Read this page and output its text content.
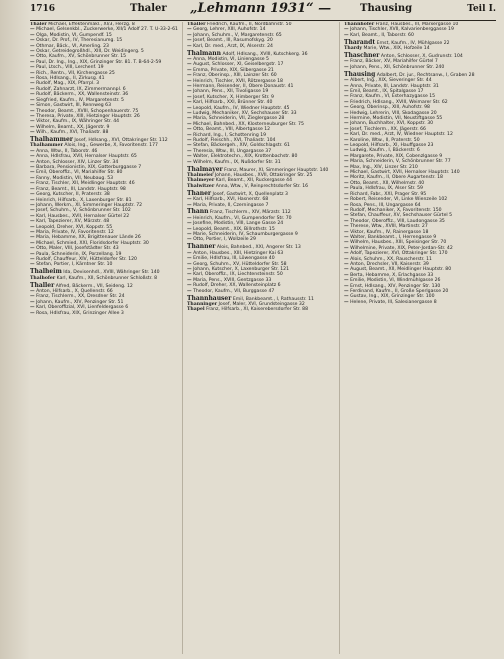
1716	Thaler „Lehmann 1931“ —	Thausing	Teil I.

Thaler Michael, Effektenmakl., XI/3, Herzg. 8

— Michael, Gelsenkbl., Zuckerwerke, XII/1 Adolf 27. T. U-33-2-61

— Olga, Modistin, VI, Gumpendf. 15

— Oskar, Dr. Prof., IV, Theresianumg. 15

— Othmar, Bäck., VI, Amerling. 23

— Oskar, Getreidegroßhdl., XIII, Dr. Weidingerg. 5

— Otto, Kaufm., XV, Schönbrunner Str. 15

— Paul, Dr. Ing., Ing., XIX, Grinzinger Str. 81. T. B-64-2-59

— Paul, Ltsch., VIII, Lerchenf. 19

— Rich., Rentn., VII, Kirchengasse 25

— Rosa, Hdlsang., II, Zirkusg. 41

— Rudolf, Mag., XIX, Pfarrpl. 3

— Rudolf, Zahnarzt, IX, Zimmermannpl. 6

— Rudolf, Bäckerm., XX, Wallensteinstr. 36

— Siegfried, Kaufm., IV, Margaretenstr. 5

— Simon, Gastwirt, III, Rennweg 63

— Theodor, Beamt., XVIII, Schopenhauerstr. 75

— Theresa, Private, XIII, Hietzinger Hauptstr. 26

— Viktor, Kaufm., IX, Währinger Str. 44

— Wilhelm, Beamt., XX, Jägerstr. 9

— Wilh., Kaufm., XVI, Thaliastr. 88

Thalhammer Josef, Hdlsang., XVI, Ottakringer Str. 112

Thalhammer Alois, Ing., Gewerbe, X, Favoritenstr. 177

— Anna, Wtw., II, Taborstr. 46

— Anna, Hdlsfrau, XVII, Hernalser Hauptstr. 65

— Anton, Schlosser, XIV, Linzer Str. 34

— Barbara, Pensionistin, XIX, Gatterburggasse 7

— Emil, Oberoffiz., VI, Mariahilfer Str. 80

— Fanny, Modistin, VII, Neubaug. 53

— Franz, Tischler, XII, Meidlinger Hauptstr. 46

— Franz, Beamt., III, Landstr. Hauptstr. 98

— Georg, Kutscher, II, Praterstr. 38

— Heinrich, Hilfsarb., X, Laxenburger Str. 81

— Johann, Werkm., XI, Simmeringer Hauptstr. 72

— Josef, Schuhm., V, Schönbrunner Str. 102

— Karl, Hausbes., XVII, Hernalser Gürtel 22

— Karl, Tapezierer, XV, Märzstr. 48

— Leopold, Dreher, XVI, Koppstr. 55

— Maria, Private, IV, Favoritenstr. 12

— Maria, Hebamme, XX, Brigittenauer Lände 26

— Michael, Schmied, XXI, Floridsdorfer Hauptstr. 30

— Otto, Maler, VIII, Josefstädter Str. 43

— Paula, Schneiderin, IX, Porzellang. 19

— Rudolf, Chauffeur, XIV, Hütteldorfer Str. 120

— Stefan, Portier, I, Kärntner Str. 10

Thalheim Ida, Devisenhdl., XVIII, Währinger Str. 140

Thalhofer Karl, Kaufm., XII, Schönbrunner Schloßstr. 8

Thaller Alfred, Bäckerm., VII, Seideng. 12

— Anton, Hilfsarb., X, Quellenstr. 66

— Franz, Tischlerm., XX, Dresdner Str. 24

— Johann, Kaufm., XIV, Penzinger Str. 51

— Karl, Oberoffizial, XVI, Lienfeldergasse 6

— Rosa, Hdlsfrau, XIX, Grinzinger Allee 3

Thaller Friedrich, Kaufm., II, Nordbahnstr. 50

— Georg, Lehrer, XIII, Auhofstr. 14

— Johann, Schuhm., V, Margaretenstr. 65

— Josef, Beamt., III, Rasumofskyg. 20

— Karl, Dr. med., Arzt, IX, Alserstr. 24

Thalmann Adolf, Hdlsang., XVIII, Kutschkerg. 36

— Anna, Modistin, VI, Liniengasse 5

— August, Schlosser, XI, Geiselbergstr. 17

— Emma, Private, XIX, Silbergasse 21

— Franz, Oberinsp., XIII, Lainzer Str. 60

— Heinrich, Tischler, XVII, Rötzergasse 18

— Hermann, Reisender, II, Obere Donaustr. 41

— Johann, Pens., XII, Tivoligasse 19

— Josef, Kutscher, X, Himberger Str. 9

— Karl, Hilfsarb., XXI, Brünner Str. 40

— Leopold, Kaufm., IV, Wiedner Hauptstr. 45

— Ludwig, Mechaniker, XV, Sechshauser Str. 33

— Maria, Schneiderin, VII, Zieglergasse 28

— Michael, Bahnbed., XX, Klosterneuburger Str. 75

— Otto, Beamt., VIII, Albertgasse 12

— Richard, Ing., I, Schottenring 19

— Rudolf, Fleischh., XVI, Thaliastr. 104

— Stefan, Bäckergeh., XIV, Goldschlagstr. 61

— Theresia, Wtw., III, Ungargasse 37

— Walter, Elektrotechn., XIX, Krottenbachstr. 80

— Wilhelm, Kaufm., IX, Nußdorfer Str. 31

Thalmayer Franz, Maurer, XI, Simmeringer Hauptstr. 140

Thalmeier Johann, Hausbes., XVII, Ottakringer Str. 25

Thalmeyer Karl, Beamt., XII, Ruckergasse 44

Thalwitzer Anna, Wtw., V, Reinprechtsdorfer Str. 16

Thaner Josef, Gastwirt, X, Quellenplatz 3

— Karl, Hilfsarb., XVI, Hasnerstr. 68

— Maria, Private, II, Czerningasse 7

Thann Franz, Tischlerm., XIV, Märzstr. 112

— Heinrich, Kaufm., VI, Gumpendorfer Str. 70

— Josefine, Modistin, VIII, Lange Gasse 24

— Leopold, Beamt., XIX, Billrothstr. 15

— Marie, Schneiderin, IV, Schaumburgergasse 9

— Otto, Portier, I, Wollzeile 29

Thanner Alois, Bahnbed., XXI, Angerer Str. 13

— Anton, Hausbes., XIII, Hietzinger Kai 63

— Emilie, Hdlsfrau, III, Löwengasse 40

— Georg, Schuhm., XV, Hütteldorfer Str. 58

— Johann, Kutscher, X, Laxenburger Str. 121

— Karl, Oberoffiz., IX, Liechtensteinstr. 50

— Maria, Pens., XVIII, Gentzgasse 33

— Rudolf, Dreher, XX, Wallensteinplatz 6

— Theodor, Kaufm., VII, Burggasse 47

Thannhauser Emil, Bankbeamt., I, Rathausstr. 11

Thanninger Josef, Maler, XVI, Grundsteingasse 32

Thapel Franz, Hilfsarb., XI, Kaiserebersdorfer Str. 88

Thannhofer Franz, Hausbes., III, Marxergasse 10

— Johann, Tischler, XVII, Kalvarienberggasse 19

— Karl, Beamt., II, Taborstr. 60

Tharandt Ernst, Kaufm., IV, Mühlgasse 22

Thardy Marie, Wtw., XIX, Hofzeile 14

Thaschner Anton, Schlosser, X, Gudrunstr. 104

— Franz, Bäcker, XV, Mariahilfer Gürtel 7

— Johann, Pens., XII, Schönbrunner Str. 240

Thausing Adalbert, Dr. jur., Rechtsanw., I, Graben 28

— Albert, Ing., XIX, Sieveringer Str. 44

— Anna, Private, III, Landstr. Hauptstr. 31

— Emil, Beamt., IX, Spitalgasse 17

— Franz, Kaufm., VI, Esterhazygasse 15

— Friedrich, Hdlsang., XVIII, Weimarer Str. 62

— Georg, Oberinsp., XIII, Auhofstr. 98

— Hedwig, Lehrerin, VIII, Skodagasse 20

— Hermine, Modistin, VII, Neustiftgasse 55

— Johann, Buchhalter, XVI, Koppstr. 30

— Josef, Tischlerm., XX, Jägerstr. 66

— Karl, Dr. med., Arzt, IV, Wiedner Hauptstr. 12

— Karoline, Wtw., II, Praterstr. 50

— Leopold, Hilfsarb., XI, Hauffgasse 23

— Ludwig, Kaufm., I, Bäckerstr. 6

— Margarete, Private, XIX, Cobenzlgasse 9

— Maria, Schneiderin, V, Schönbrunner Str. 77

— Max, Ing., XIV, Linzer Str. 210

— Michael, Gastwirt, XVII, Hernalser Hauptstr. 140

— Moritz, Kaufm., II, Obere Augartenstr. 18

— Otto, Beamt., XII, Wilhelmstr. 40

— Paula, Hdlsfrau, IX, Alser Str. 59

— Richard, Fabr., XXI, Prager Str. 95

— Robert, Reisender, VI, Linke Wienzeile 102

— Rosa, Pens., III, Ungargasse 64

— Rudolf, Mechaniker, X, Favoritenstr. 150

— Stefan, Chauffeur, XV, Sechshauser Gürtel 5

— Theodor, Oberoffiz., VIII, Laudongasse 35

— Therese, Wtw., XVIII, Martinstr. 27

— Viktor, Kaufm., IV, Rainergasse 18

— Walter, Bankbeamt., I, Herrengasse 9

— Wilhelm, Hausbes., XIII, Speisinger Str. 70

— Wilhelmine, Private, XIX, Peter-Jordan-Str. 42

— Adolf, Tapezierer, XVI, Ottakringer Str. 170

— Alois, Schuhm., XX, Rauscherstr. 11

— Anton, Drechsler, VII, Kaiserstr. 39

— August, Beamt., XII, Meidlinger Hauptstr. 80

— Berta, Hebamme, X, Erlachgasse 33

— Emilie, Modistin, VI, Windmühlgasse 26

— Ernst, Hdlsang., XIV, Penzinger Str. 130

— Ferdinand, Kaufm., II, Große Sperlgasse 20

— Gustav, Ing., XIX, Grinzinger Str. 100

— Helene, Private, III, Salesianergasse 8
